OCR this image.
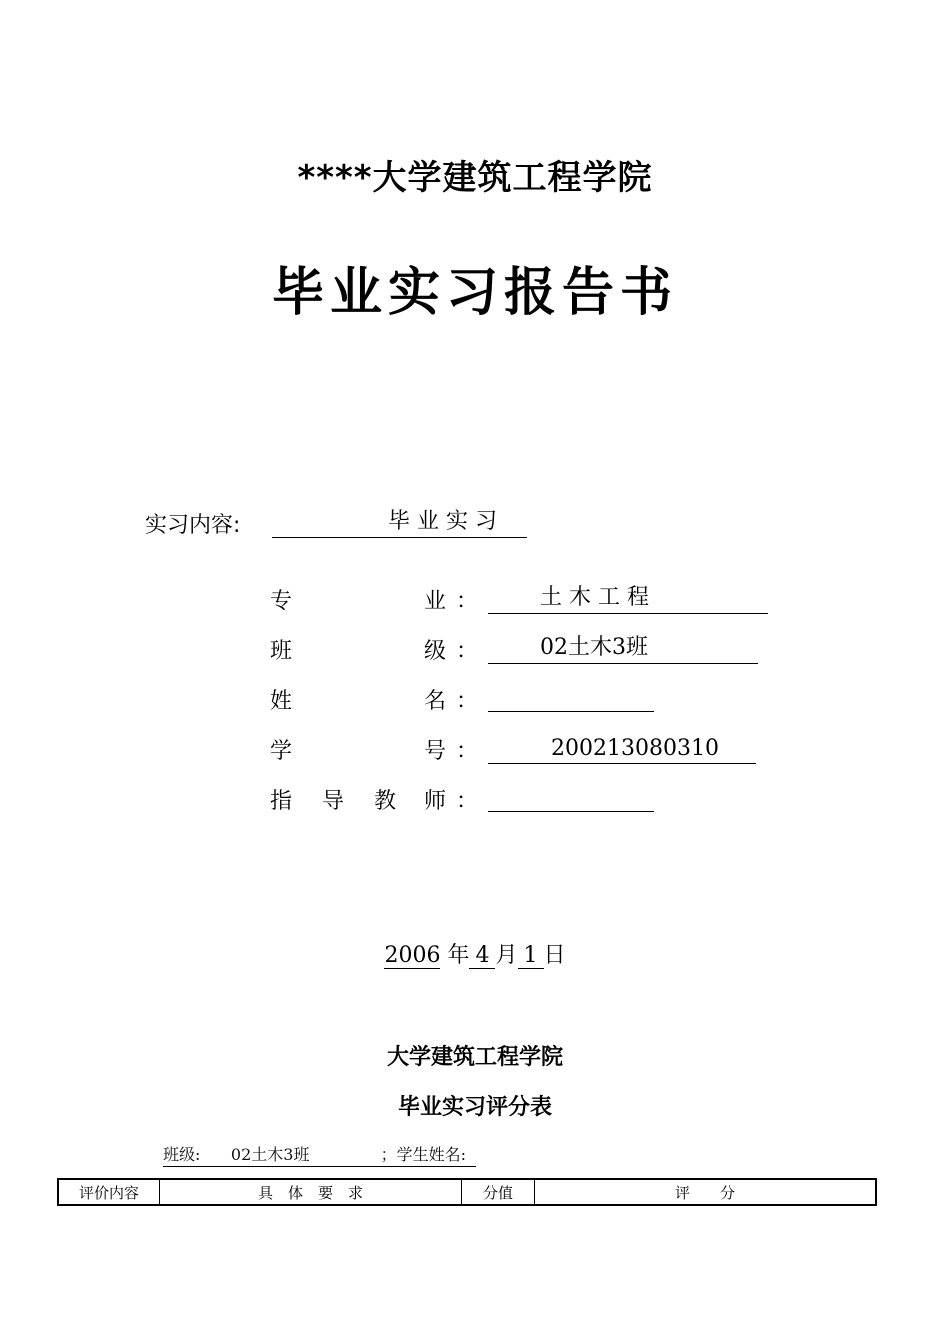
****大学建筑工程学院
毕业实习报告书
实习内容:	毕 业 实 习
专	业 ：	土 木 工 程
班	级 ：	02土木3班
姓	名 ：
学	号 ：	200213080310
指 导 教 师 ：
2006 年 4 月 1 日
大学建筑工程学院
毕业实习评分表
班级: 02土木3班	；学生姓名:
评价内容	具　体　要　求	分值	评　　分
